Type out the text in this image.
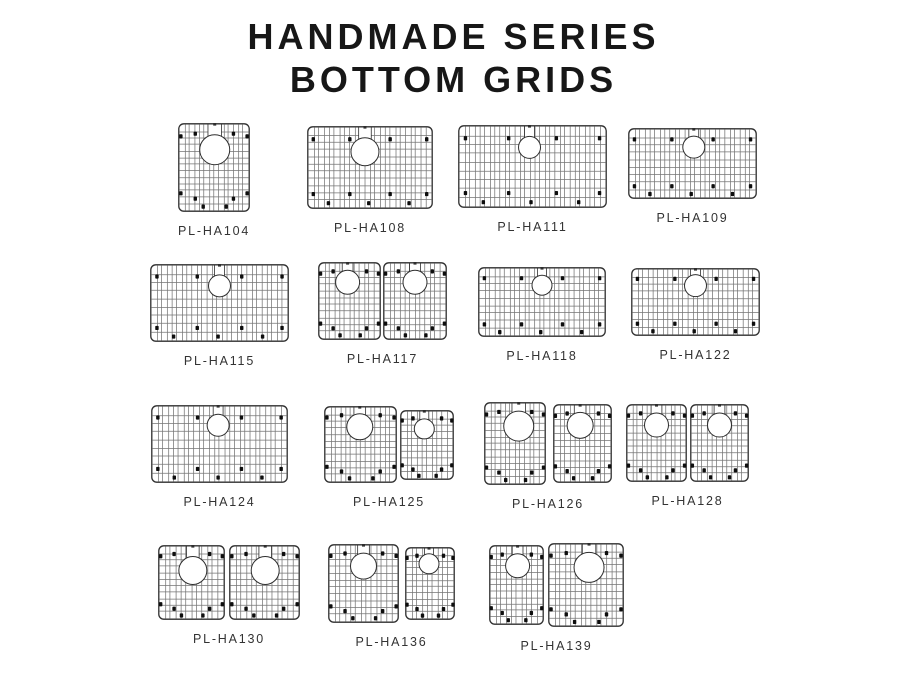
HANDMADE SERIES
BOTTOM GRIDS
PL-HA104	PL-HA108	PL-HA111
PL-HA109
PL-HA115	PL-HA117	PL-HA118	PL-HA122
PL-HA124	PL-HA125	PL-HA126	PL-HA128
PL-HA130	PL-HA136	PL-HA139
